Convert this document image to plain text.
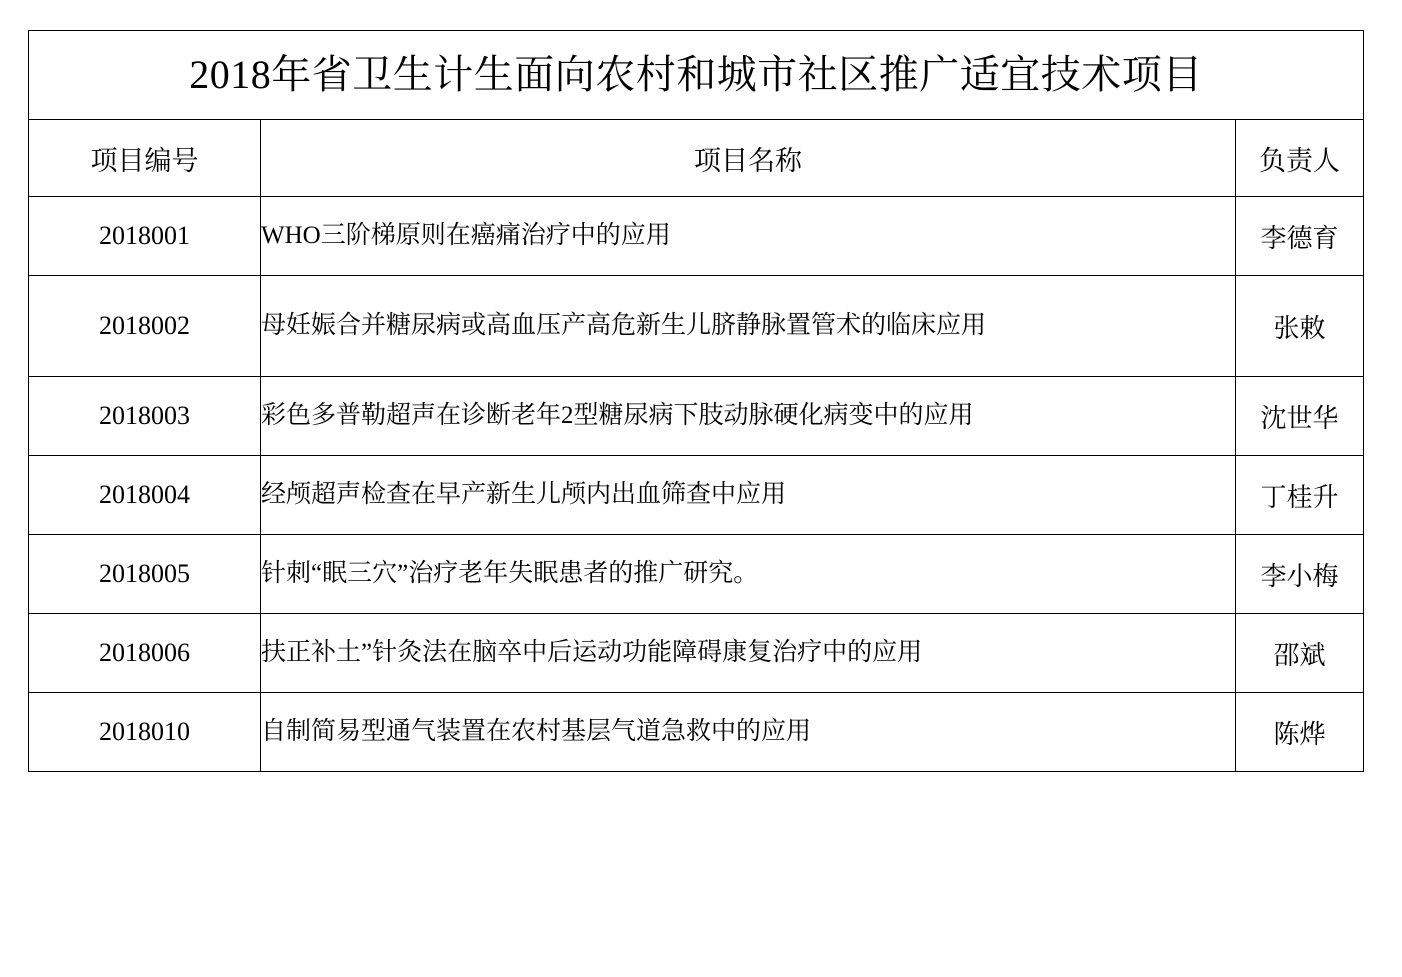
2018年省卫生计生面向农村和城市社区推广适宜技术项目		
项目编号	项目名称	负责人
2018001	WHO三阶梯原则在癌痛治疗中的应用	李德育
2018002	母妊娠合并糖尿病或高血压产高危新生儿脐静脉置管术的临床应用	张敕
2018003	彩色多普勒超声在诊断老年2型糖尿病下肢动脉硬化病变中的应用	沈世华
2018004	经颅超声检查在早产新生儿颅内出血筛查中应用	丁桂升
2018005	针刺“眠三穴”治疗老年失眠患者的推广研究。	李小梅
2018006	扶正补土”针灸法在脑卒中后运动功能障碍康复治疗中的应用	邵斌
2018010	自制简易型通气装置在农村基层气道急救中的应用	陈烨
